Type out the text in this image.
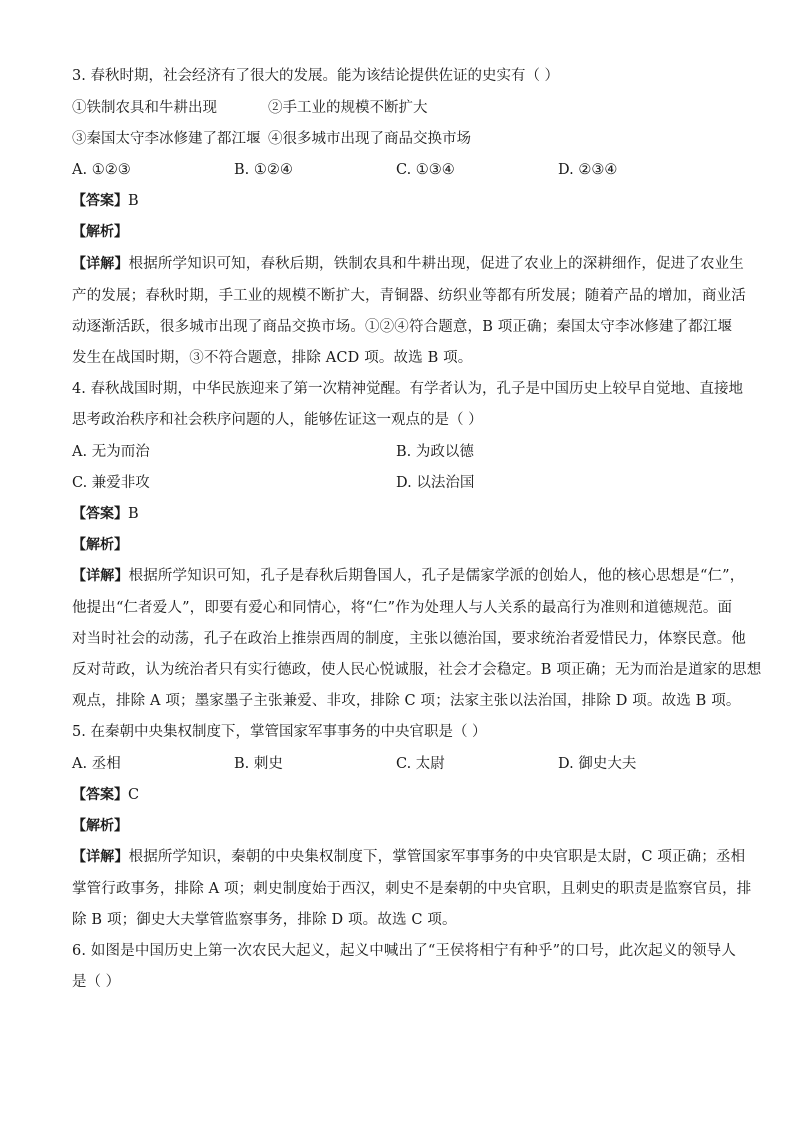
3. 春秋时期，社会经济有了很大的发展。能为该结论提供佐证的史实有（ ）
①铁制农具和牛耕出现	②手工业的规模不断扩大
③秦国太守李冰修建了都江堰 ④很多城市出现了商品交换市场
A. ①②③	B. ①②④	C. ①③④	D. ②③④
【答案】B
【解析】
【详解】根据所学知识可知，春秋后期，铁制农具和牛耕出现，促进了农业上的深耕细作，促进了农业生
产的发展；春秋时期，手工业的规模不断扩大，青铜器、纺织业等都有所发展；随着产品的增加，商业活
动逐渐活跃，很多城市出现了商品交换市场。①②④符合题意，B 项正确；秦国太守李冰修建了都江堰
发生在战国时期，③不符合题意，排除 ACD 项。故选 B 项。
4. 春秋战国时期，中华民族迎来了第一次精神觉醒。有学者认为，孔子是中国历史上较早自觉地、直接地
思考政治秩序和社会秩序问题的人，能够佐证这一观点的是（ ）
A. 无为而治	B. 为政以德
C. 兼爱非攻	D. 以法治国
【答案】B
【解析】
【详解】根据所学知识可知，孔子是春秋后期鲁国人，孔子是儒家学派的创始人，他的核心思想是“仁”，
他提出“仁者爱人”，即要有爱心和同情心，将“仁”作为处理人与人关系的最高行为准则和道德规范。面
对当时社会的动荡，孔子在政治上推崇西周的制度，主张以德治国，要求统治者爱惜民力，体察民意。他
反对苛政，认为统治者只有实行德政，使人民心悦诚服，社会才会稳定。B 项正确；无为而治是道家的思想
观点，排除 A 项；墨家墨子主张兼爱、非攻，排除 C 项；法家主张以法治国，排除 D 项。故选 B 项。
5. 在秦朝中央集权制度下，掌管国家军事事务的中央官职是（ ）
A. 丞相	B. 刺史	C. 太尉	D. 御史大夫
【答案】C
【解析】
【详解】根据所学知识，秦朝的中央集权制度下，掌管国家军事事务的中央官职是太尉，C 项正确；丞相
掌管行政事务，排除 A 项；刺史制度始于西汉，刺史不是秦朝的中央官职，且刺史的职责是监察官员，排
除 B 项；御史大夫掌管监察事务，排除 D 项。故选 C 项。
6. 如图是中国历史上第一次农民大起义，起义中喊出了“王侯将相宁有种乎”的口号，此次起义的领导人
是（ ）
